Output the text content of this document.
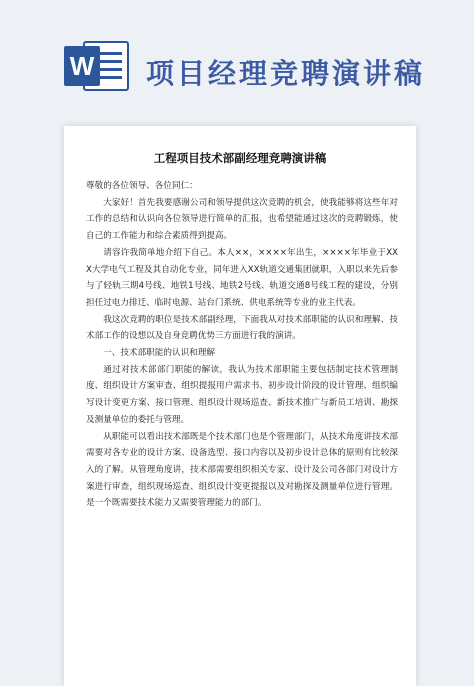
W 项目经理竞聘演讲稿
工程项目技术部副经理竞聘演讲稿

尊敬的各位领导、各位同仁：

大家好！首先我要感谢公司和领导提供这次竞聘的机会，使我能够将这些年对工作的总结和认识向各位领导进行简单的汇报，也希望能通过这次的竞聘锻炼，使自己的工作能力和综合素质得到提高。

请容许我简单地介绍下自己。本人××，××××年出生，××××年毕业于XXX大学电气工程及其自动化专业，同年进入XX轨道交通集团就职，入职以来先后参与了轻轨三期4号线、地铁1号线、地铁2号线、轨道交通8号线工程的建设，分别担任过电力排迁、临时电源、站台门系统、供电系统等专业的业主代表。

我这次竞聘的职位是技术部副经理，下面我从对技术部职能的认识和理解、技术部工作的设想以及自身竞聘优势三方面进行我的演讲。

一、技术部职能的认识和理解

通过对技术部部门职能的解读，我认为技术部职能主要包括制定技术管理制度、组织设计方案审查、组织提报用户需求书、初步设计阶段的设计管理、组织编写设计变更方案、接口管理、组织设计现场巡查、新技术推广与新员工培训、勘探及测量单位的委托与管理。

从职能可以看出技术部既是个技术部门也是个管理部门，从技术角度讲技术部需要对各专业的设计方案、设备选型、接口内容以及初步设计总体的原则有比较深入的了解。从管理角度讲，技术部需要组织相关专家、设计及公司各部门对设计方案进行审查，组织现场巡查、组织设计变更提报以及对勘探及测量单位进行管理。是一个既需要技术能力又需要管理能力的部门。
